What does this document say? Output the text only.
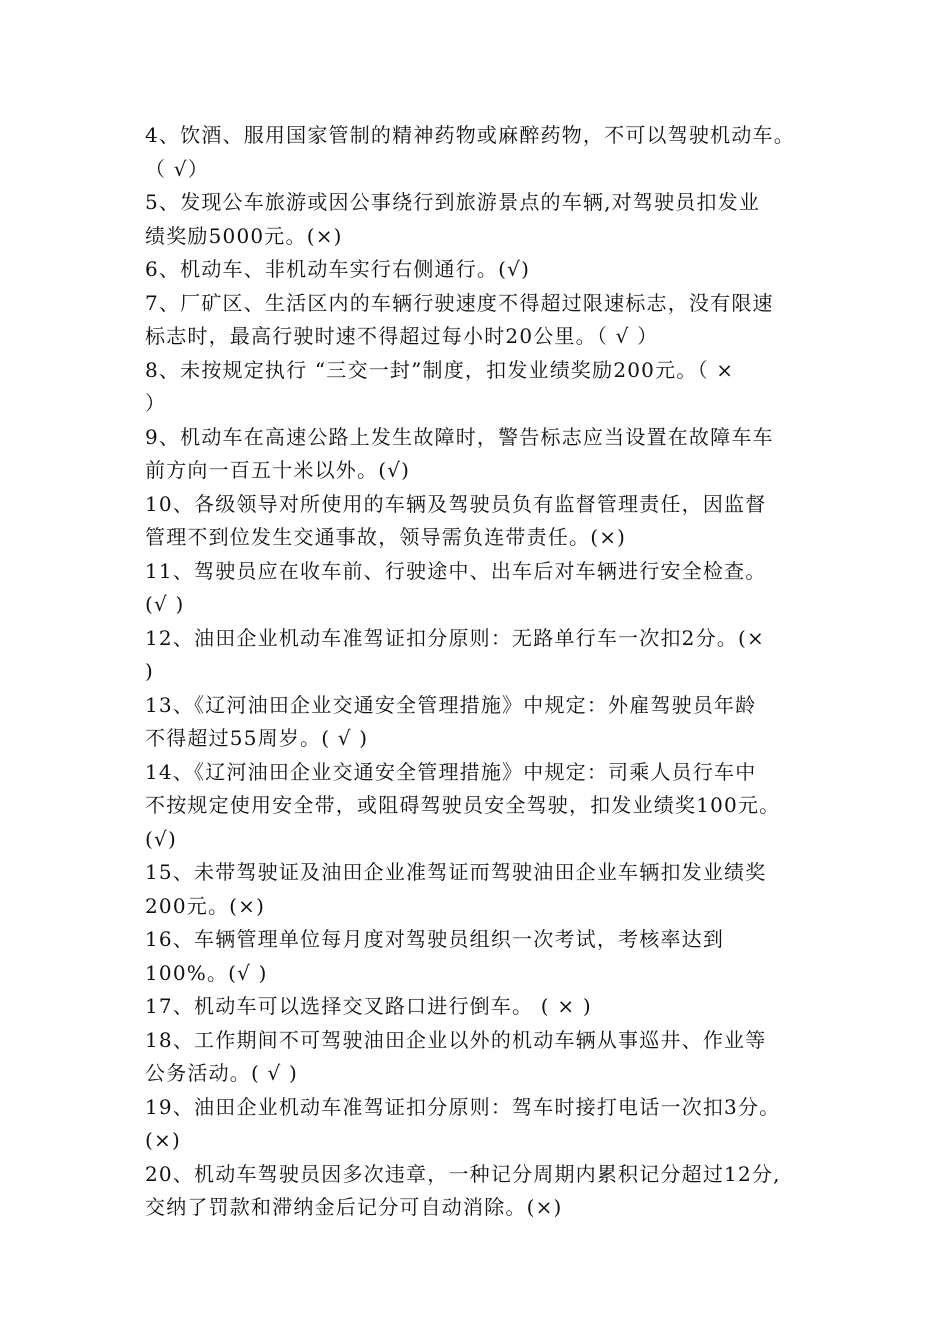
4、饮酒、服用国家管制的精神药物或麻醉药物，不可以驾驶机动车。
（ √）
5、发现公车旅游或因公事绕行到旅游景点的车辆,对驾驶员扣发业
绩奖励5000元。(×)
6、机动车、非机动车实行右侧通行。(√)
7、厂矿区、生活区内的车辆行驶速度不得超过限速标志，没有限速
标志时，最高行驶时速不得超过每小时20公里。（ √ ）
8、未按规定执行 “三交一封”制度，扣发业绩奖励200元。（ ×
）
9、机动车在高速公路上发生故障时，警告标志应当设置在故障车车
前方向一百五十米以外。(√)
10、各级领导对所使用的车辆及驾驶员负有监督管理责任，因监督
管理不到位发生交通事故，领导需负连带责任。(×)
11、驾驶员应在收车前、行驶途中、出车后对车辆进行安全检查。
(√ )
12、油田企业机动车准驾证扣分原则：无路单行车一次扣2分。(×
)
13、《辽河油田企业交通安全管理措施》中规定：外雇驾驶员年龄
不得超过55周岁。( √ )
14、《辽河油田企业交通安全管理措施》中规定：司乘人员行车中
不按规定使用安全带，或阻碍驾驶员安全驾驶，扣发业绩奖100元。
(√)
15、未带驾驶证及油田企业准驾证而驾驶油田企业车辆扣发业绩奖
200元。(×)
16、车辆管理单位每月度对驾驶员组织一次考试，考核率达到
100%。(√ )
17、机动车可以选择交叉路口进行倒车。 ( × )
18、工作期间不可驾驶油田企业以外的机动车辆从事巡井、作业等
公务活动。( √ )
19、油田企业机动车准驾证扣分原则：驾车时接打电话一次扣3分。
(×)
20、机动车驾驶员因多次违章，一种记分周期内累积记分超过12分,
交纳了罚款和滞纳金后记分可自动消除。(×)
